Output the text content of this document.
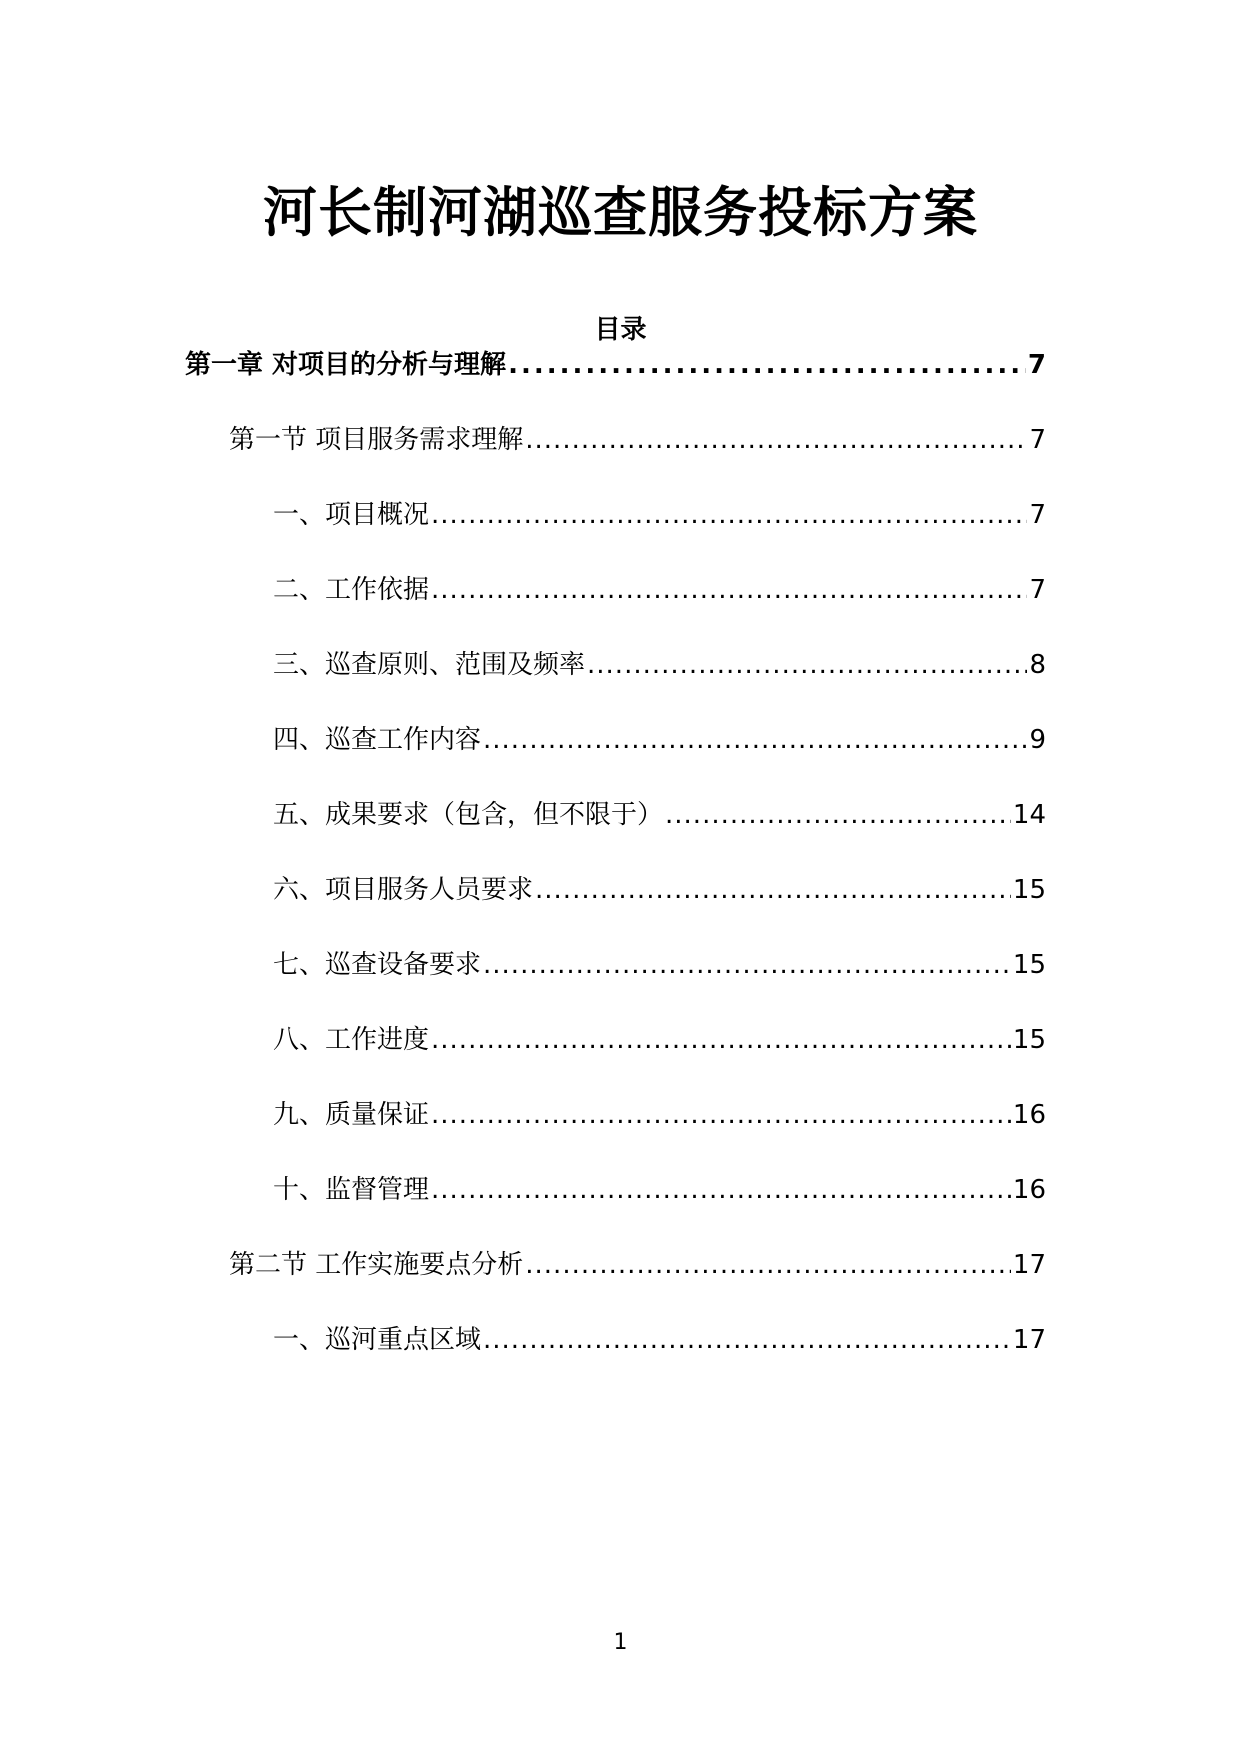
河长制河湖巡查服务投标方案
目录
第一章 对项目的分析与理解 .....	7
第一节 项目服务需求理解 .....	7
一、项目概况 .....	7
二、工作依据 .....	7
三、巡查原则、范围及频率 .....	8
四、巡查工作内容 .....	9
五、成果要求（包含，但不限于） .....	14
六、项目服务人员要求 .....	15
七、巡查设备要求 .....	15
八、工作进度 .....	15
九、质量保证 .....	16
十、监督管理 .....	16
第二节 工作实施要点分析 .....	17
一、巡河重点区域 .....	17
1
